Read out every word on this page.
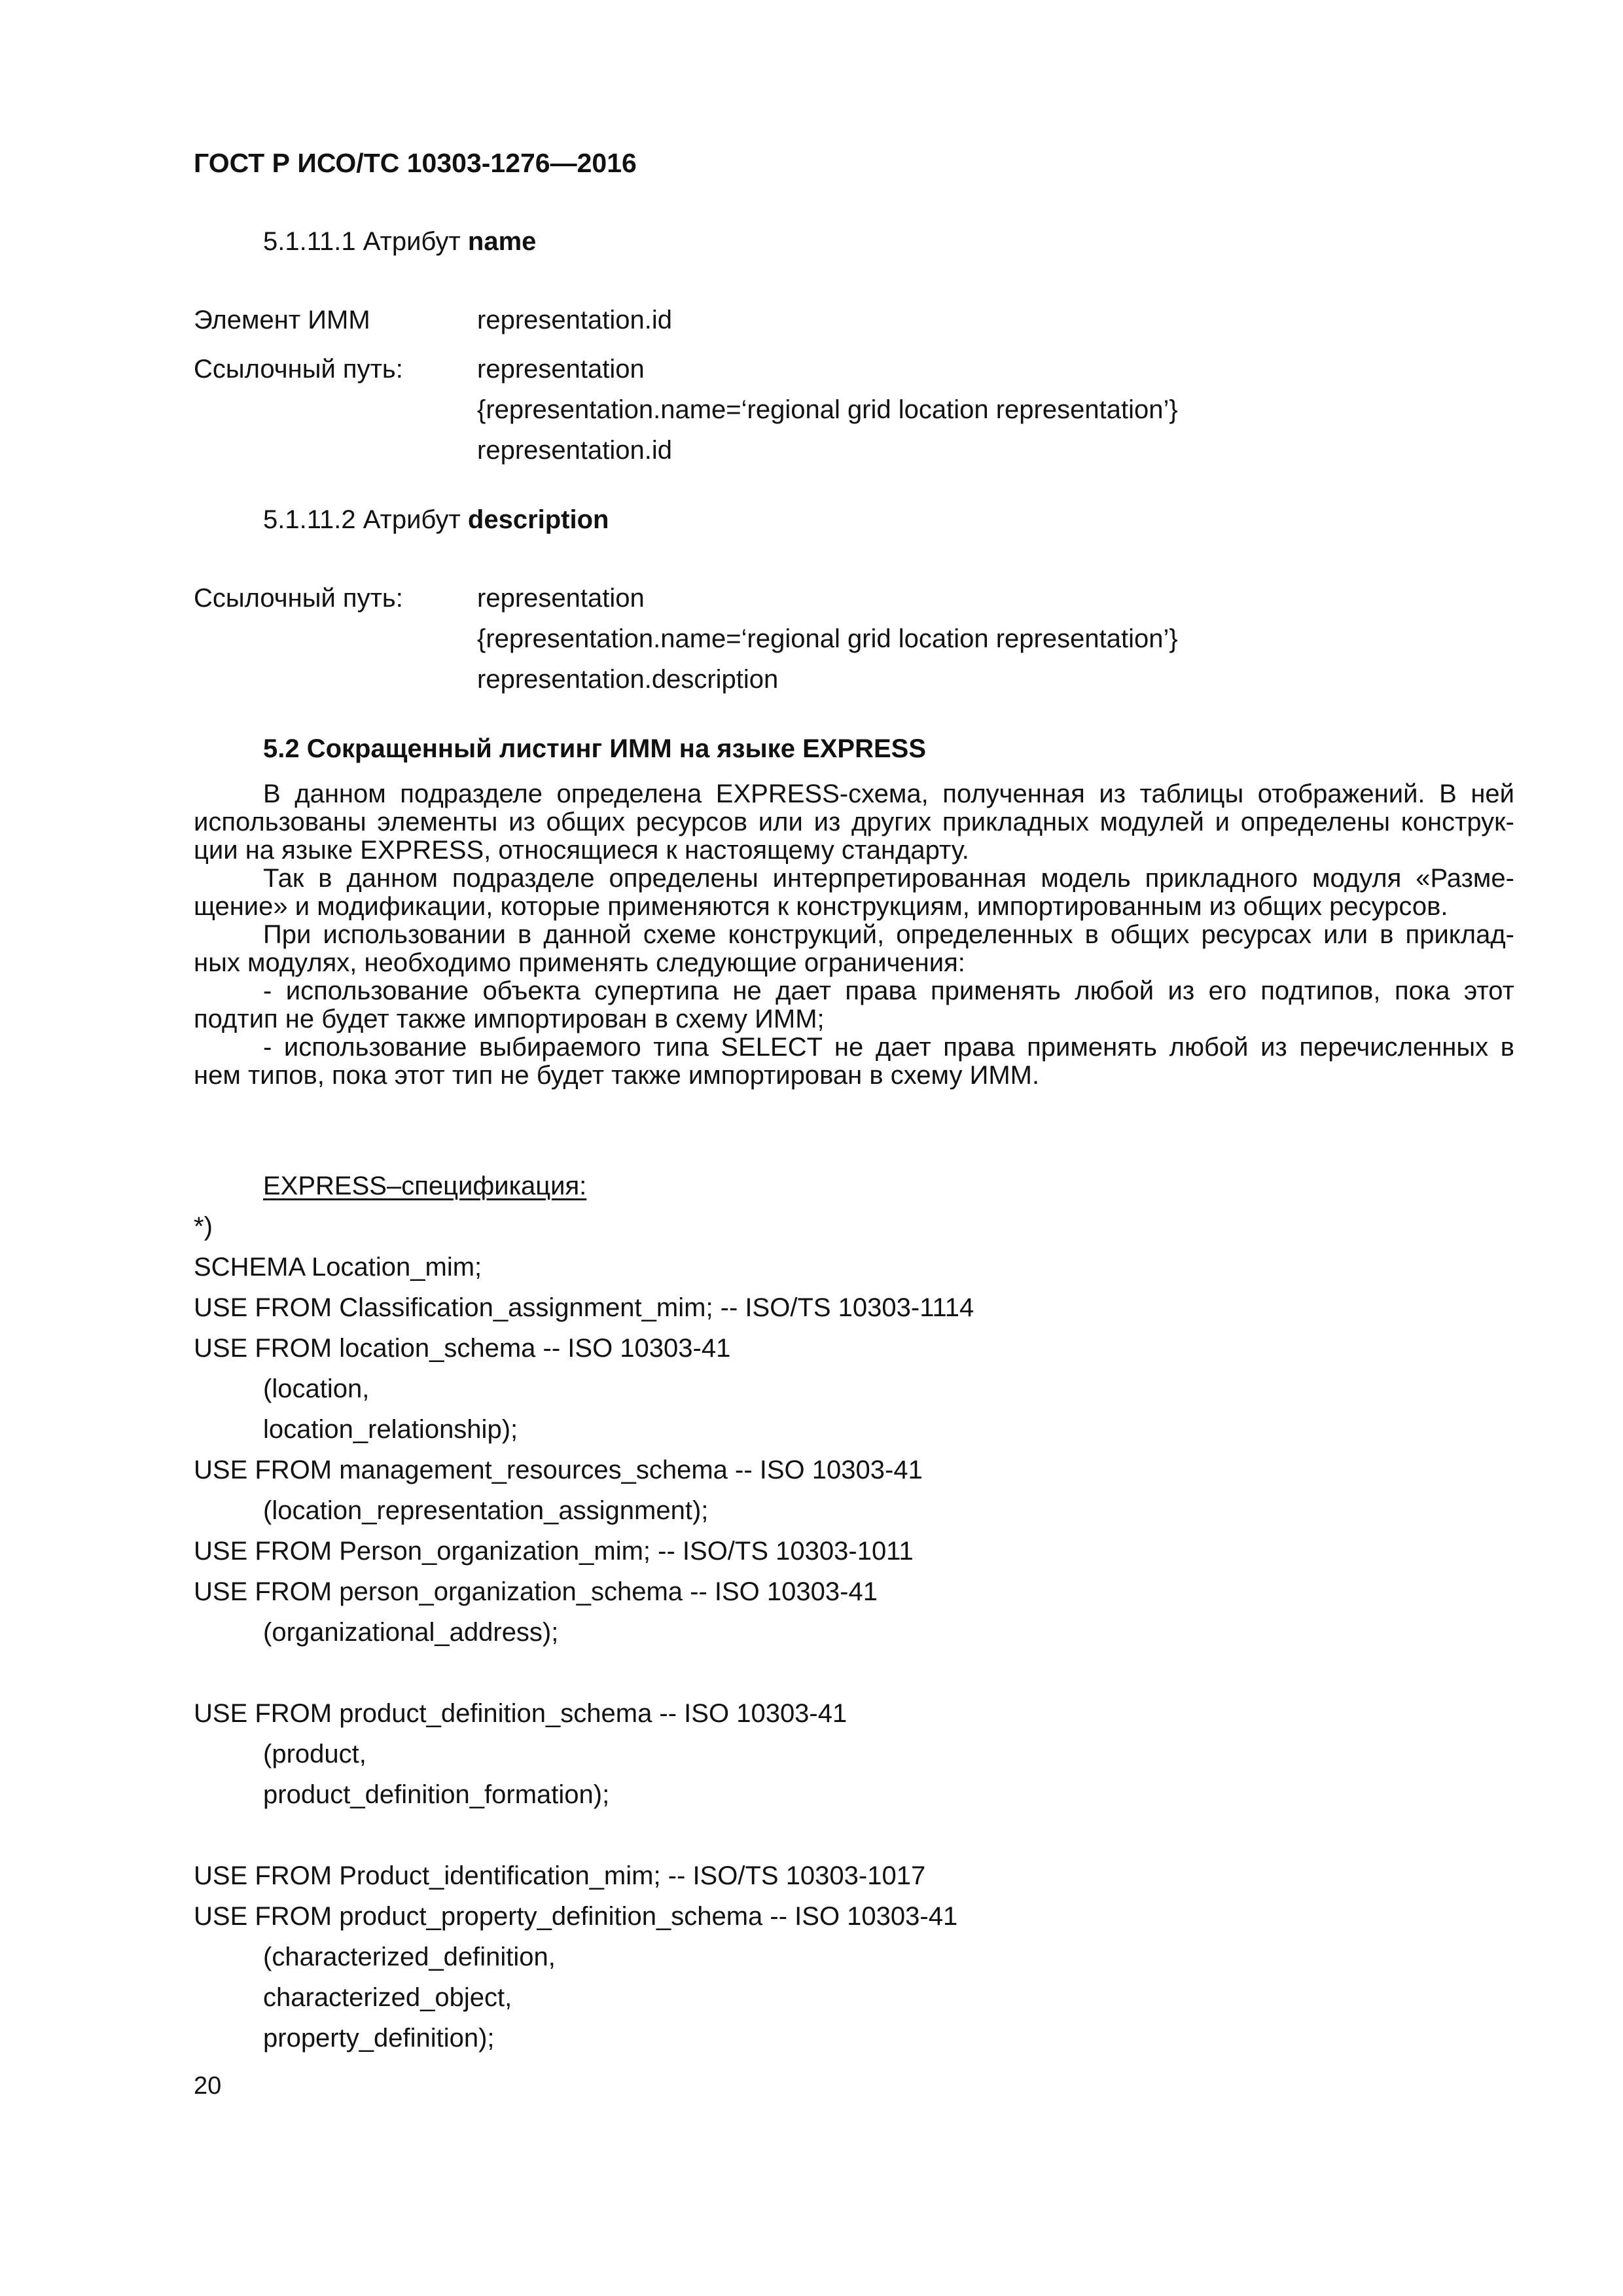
ГОСТ Р ИСО/ТС 10303-1276—2016
5.1.11.1 Атрибут name
Элемент ИММ	representation.id
Ссылочный путь:	representation
{representation.name=‘regional grid location representation’}
representation.id
5.1.11.2 Атрибут description
Ссылочный путь:	representation
{representation.name=‘regional grid location representation’}
representation.description
5.2 Сокращенный листинг ИММ на языке EXPRESS
В данном подразделе определена EXPRESS-схема, полученная из таблицы отображений. В ней
использованы элементы из общих ресурсов или из других прикладных модулей и определены конструк-
ции на языке EXPRESS, относящиеся к настоящему стандарту.
Так в данном подразделе определены интерпретированная модель прикладного модуля «Разме-
щение» и модификации, которые применяются к конструкциям, импортированным из общих ресурсов.
При использовании в данной схеме конструкций, определенных в общих ресурсах или в приклад-
ных модулях, необходимо применять следующие ограничения:
- использование объекта супертипа не дает права применять любой из его подтипов, пока этот
подтип не будет также импортирован в схему ИММ;
- использование выбираемого типа SELECT не дает права применять любой из перечисленных в
нем типов, пока этот тип не будет также импортирован в схему ИММ.
EXPRESS–спецификация:
*)
SCHEMA Location_mim;
USE FROM Classification_assignment_mim; -- ISO/TS 10303-1114
USE FROM location_schema -- ISO 10303-41
(location,
location_relationship);
USE FROM management_resources_schema -- ISO 10303-41
(location_representation_assignment);
USE FROM Person_organization_mim; -- ISO/TS 10303-1011
USE FROM person_organization_schema -- ISO 10303-41
(organizational_address);
USE FROM product_definition_schema -- ISO 10303-41
(product,
product_definition_formation);
USE FROM Product_identification_mim; -- ISO/TS 10303-1017
USE FROM product_property_definition_schema -- ISO 10303-41
(characterized_definition,
characterized_object,
property_definition);
20
